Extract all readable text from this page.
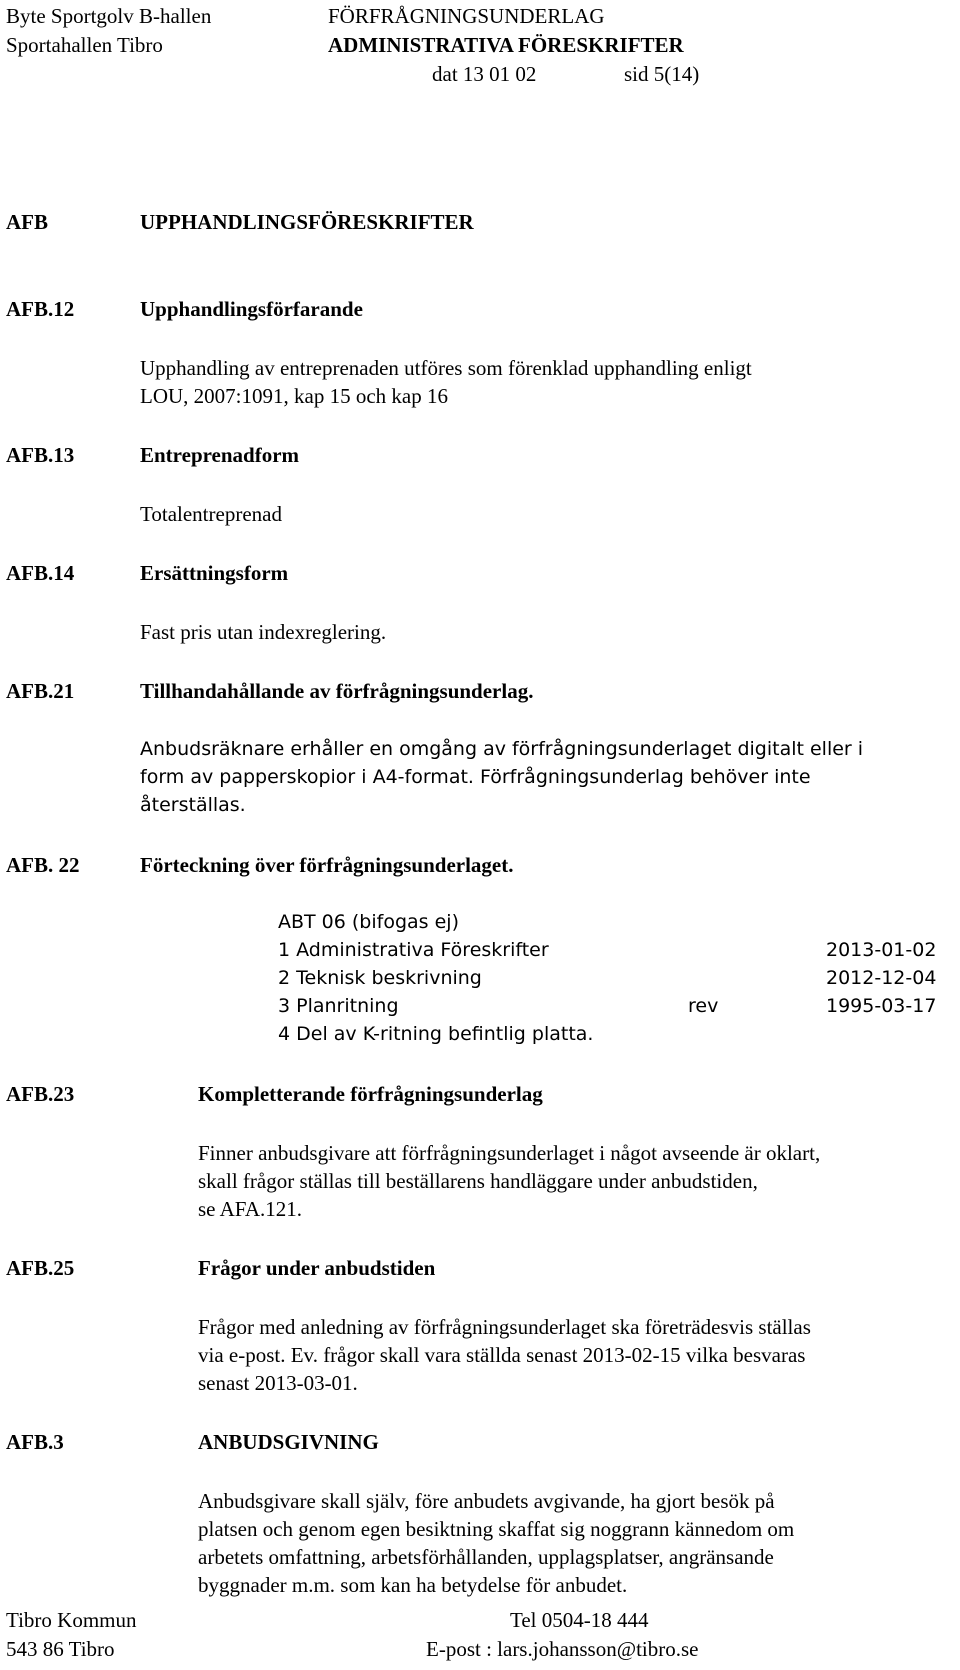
Byte Sportgolv B-hallen
Sportahallen Tibro
FÖRFRÅGNINGSUNDERLAG
ADMINISTRATIVA FÖRESKRIFTER
dat 13 01 02	sid 5(14)
AFB	UPPHANDLINGSFÖRESKRIFTER
AFB.12	Upphandlingsförfarande
Upphandling av entreprenaden utföres som förenklad upphandling enligt
LOU, 2007:1091, kap 15 och kap 16
AFB.13	Entreprenadform
Totalentreprenad
AFB.14	Ersättningsform
Fast pris utan indexreglering.
AFB.21	Tillhandahållande av förfrågningsunderlag.
Anbudsräknare erhåller en omgång av förfrågningsunderlaget digitalt eller i
form av papperskopior i A4-format. Förfrågningsunderlag behöver inte
återställas.
AFB. 22	Förteckning över förfrågningsunderlaget.
ABT 06 (bifogas ej)
1 Administrativa Föreskrifter	2013-01-02
2 Teknisk beskrivning	2012-12-04
3 Planritning	rev	1995-03-17
4 Del av K-ritning befintlig platta.
AFB.23	Kompletterande förfrågningsunderlag
Finner anbudsgivare att förfrågningsunderlaget i något avseende är oklart,
skall frågor ställas till beställarens handläggare under anbudstiden,
se AFA.121.
AFB.25	Frågor under anbudstiden
Frågor med anledning av förfrågningsunderlaget ska företrädesvis ställas
via e-post. Ev. frågor skall vara ställda senast 2013-02-15 vilka besvaras
senast 2013-03-01.
AFB.3	ANBUDSGIVNING
Anbudsgivare skall själv, före anbudets avgivande, ha gjort besök på
platsen och genom egen besiktning skaffat sig noggrann kännedom om
arbetets omfattning, arbetsförhållanden, upplagsplatser, angränsande
byggnader m.m. som kan ha betydelse för anbudet.
Tibro Kommun
543 86 Tibro
Tel 0504-18 444
E-post : lars.johansson@tibro.se
